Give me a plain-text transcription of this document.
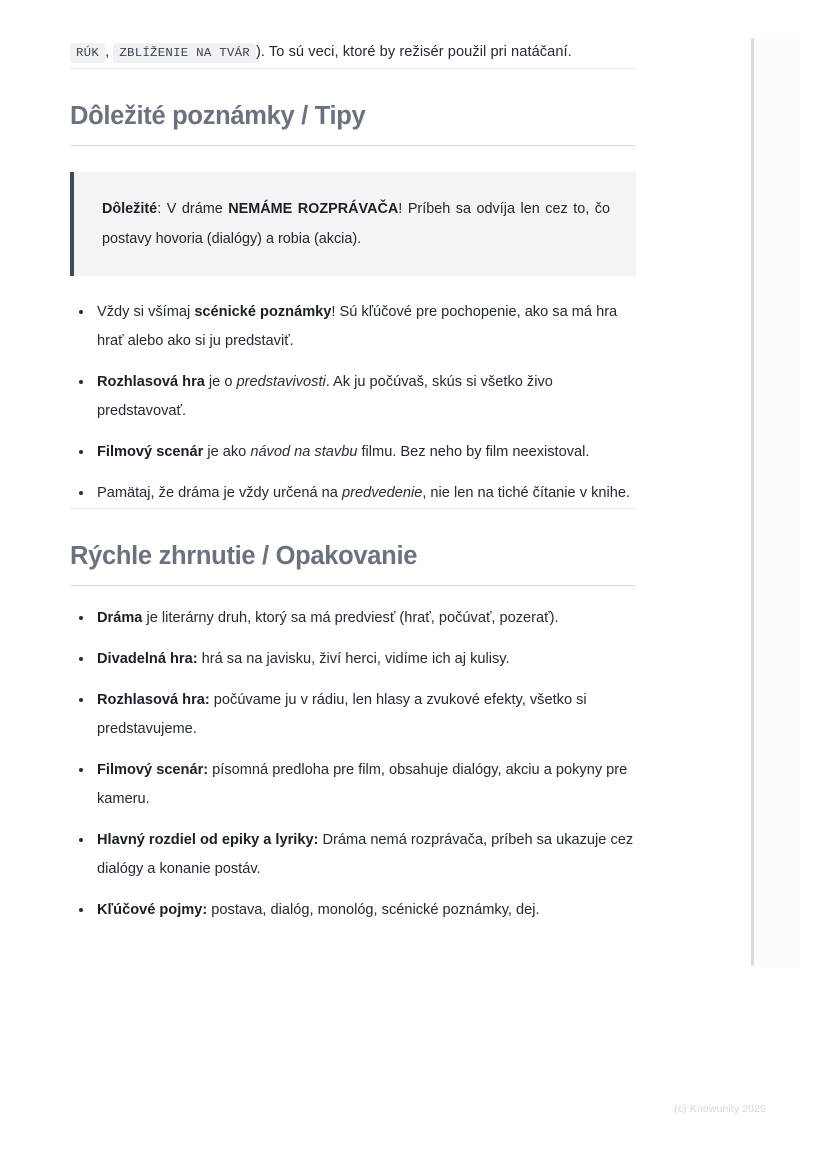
RÚK , ZBLÍŽENIE NA TVÁR ). To sú veci, ktoré by režisér použil pri natáčaní.

Dôležité poznámky / Tipy

Dôležité: V dráme NEMÁME ROZPRÁVAČA! Príbeh sa odvíja len cez to, čo postavy hovoria (dialógy) a robia (akcia).

Vždy si všímaj scénické poznámky! Sú kľúčové pre pochopenie, ako sa má hra hrať alebo ako si ju predstaviť.
Rozhlasová hra je o predstavivosti. Ak ju počúvaš, skús si všetko živo predstavovať.
Filmový scenár je ako návod na stavbu filmu. Bez neho by film neexistoval.
Pamätaj, že dráma je vždy určená na predvedenie, nie len na tiché čítanie v knihe.
Rýchle zhrnutie / Opakovanie
Dráma je literárny druh, ktorý sa má predviesť (hrať, počúvať, pozerať).
Divadelná hra: hrá sa na javisku, živí herci, vidíme ich aj kulisy.
Rozhlasová hra: počúvame ju v rádiu, len hlasy a zvukové efekty, všetko si predstavujeme.
Filmový scenár: písomná predloha pre film, obsahuje dialógy, akciu a pokyny pre kameru.
Hlavný rozdiel od epiky a lyriky: Dráma nemá rozprávača, príbeh sa ukazuje cez dialógy a konanie postáv.
Kľúčové pojmy: postava, dialóg, monológ, scénické poznámky, dej.
(c) Knowunity 2025
